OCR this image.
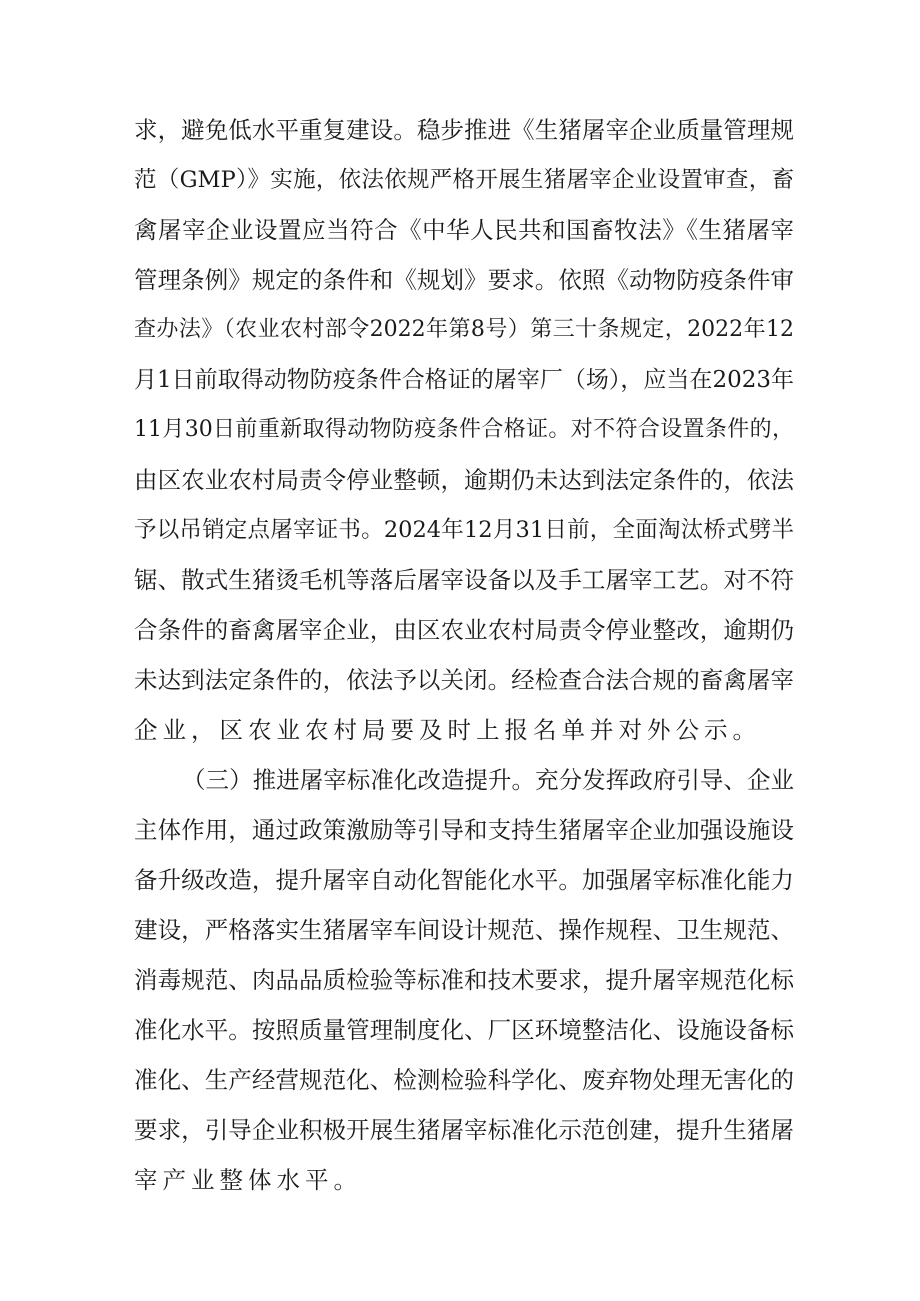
求，避免低水平重复建设。稳步推进《生猪屠宰企业质量管理规
范（GMP）》实施，依法依规严格开展生猪屠宰企业设置审查，畜
禽屠宰企业设置应当符合《中华人民共和国畜牧法》《生猪屠宰
管理条例》规定的条件和《规划》要求。依照《动物防疫条件审
查办法》（农业农村部令2022年第8号）第三十条规定，2022年12
月1日前取得动物防疫条件合格证的屠宰厂（场），应当在2023年
11月30日前重新取得动物防疫条件合格证。对不符合设置条件的，
由区农业农村局责令停业整顿，逾期仍未达到法定条件的，依法
予以吊销定点屠宰证书。2024年12月31日前，全面淘汰桥式劈半
锯、散式生猪烫毛机等落后屠宰设备以及手工屠宰工艺。对不符
合条件的畜禽屠宰企业，由区农业农村局责令停业整改，逾期仍
未达到法定条件的，依法予以关闭。经检查合法合规的畜禽屠宰
企业，区农业农村局要及时上报名单并对外公示。
（三）推进屠宰标准化改造提升。充分发挥政府引导、企业
主体作用，通过政策激励等引导和支持生猪屠宰企业加强设施设
备升级改造，提升屠宰自动化智能化水平。加强屠宰标准化能力
建设，严格落实生猪屠宰车间设计规范、操作规程、卫生规范、
消毒规范、肉品品质检验等标准和技术要求，提升屠宰规范化标
准化水平。按照质量管理制度化、厂区环境整洁化、设施设备标
准化、生产经营规范化、检测检验科学化、废弃物处理无害化的
要求，引导企业积极开展生猪屠宰标准化示范创建，提升生猪屠
宰产业整体水平。
